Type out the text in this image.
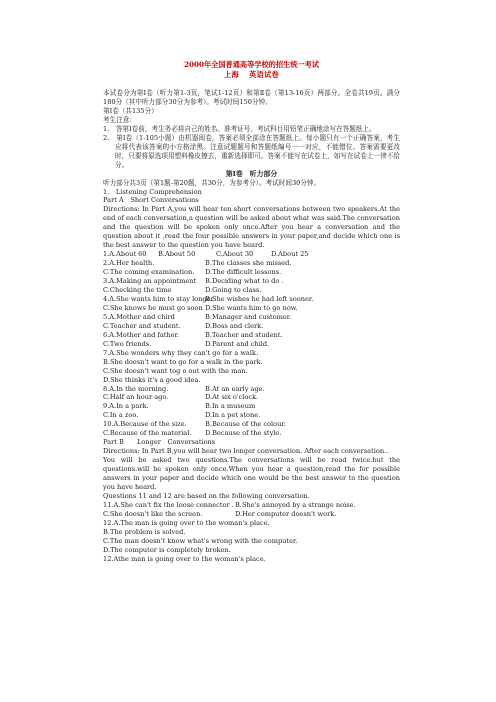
2000年全国普通高等学校的招生统一考试
上海 英语试卷

本试卷分为第Ⅰ卷（听力第1-3页，笔试1-12页）和第Ⅱ卷（第13-16页）两部分。全卷共19页。满分180分（其中听力部分30分为参考）。考试时间150分钟。

第Ⅰ卷（共135分）

考生注意：

1.　答第Ⅰ卷前，考生务必将自己的姓名、准考证号、考试科目用铅笔正确地涂写在答题纸上。

2.　第Ⅰ卷（1-105小题）由机器阅卷，答案必须全部涂在答题纸上。每小题只有一个正确答案，考生应将代表该答案的小方格涂黑。注意试题题号和答题纸编号一一对应，不能错位。答案需要更改时，只要将原选项用塑料橡皮擦去，重新选择即可。答案不能写在试卷上，如写在试卷上一律不给分。

第Ⅰ卷　听力部分

听力部分共3页（第1题-第20题，共30分，为参考分）。考试时间30分钟。

1.　Listening Comprehension

Part A　Short Conversations

Directions: In Part A,you will hear ten short conversations between two speakers.At the end of each conversation,a question will be asked about what was said.The conversation and the question will be spoken only once.After you hear a conversation and the question about it ,read the four possible answers in your paper,and decide which one is the best answer to the question you have heard.

1.A.About 60	B.About 50	C.About 30	D.About 25
2.A.Her health.	B.The classes she missed.
C.The coming examination.	D.The difficult lessons.
3.A.Making an appointment	B.Deciding what to do .
C.Checking the time	D.Going to class.
4.A.She wants him to stay longer.
B.She wishes he had left sooner.
C.She knows he must go soon D.She wants him to go now.
5.A.Mother and chird	B.Manager and customer.
C.Teacher and student.	D.Boss and clerk.
6.A.Mother and father.	B.Teacher and student.
C.Two friends.	D.Parent and child.

7.A.She wonders why they can't go for a walk.

B.She doesn't want to go for a walk in the park.

C.She doesn't want tog o out with the man.

D.She thinks it's a good idea.

8.A.In the morning.	B.At an early age.
C.Half an hour ago.	D.At six o'clock.
9.A.In a park.	B.In a museum
C.In a zoo.	D.In a pet stone.
10.A.Because of the size.	B.Because of the colour.
C.Because of the material.	D.Because of the style.

Part B　　Longer　Conversations

Directions: In Part B,you will hear two longer conversation. After each conversation..

You will be asked two questions.The conversations will be read twice.but the questions.will be spoken only once.When you hear a question,read the for possible answers in your paper and decide which one would be the best answer to the question you have heard.

Questions 11 and 12 are based on the following conversation.

11.A.She can't fix the loose connector . B.She's annoyed by a strange noise.
C.She doesn't like the screen.	D.Her computer doesn't work.

12.A.The man is going over to the woman's place.

B.The problem is solved.

C.The man doesn't know what's wrong with the computer.

D.The computer is completely broken.

12.Athe man is going over to the woman's place.
